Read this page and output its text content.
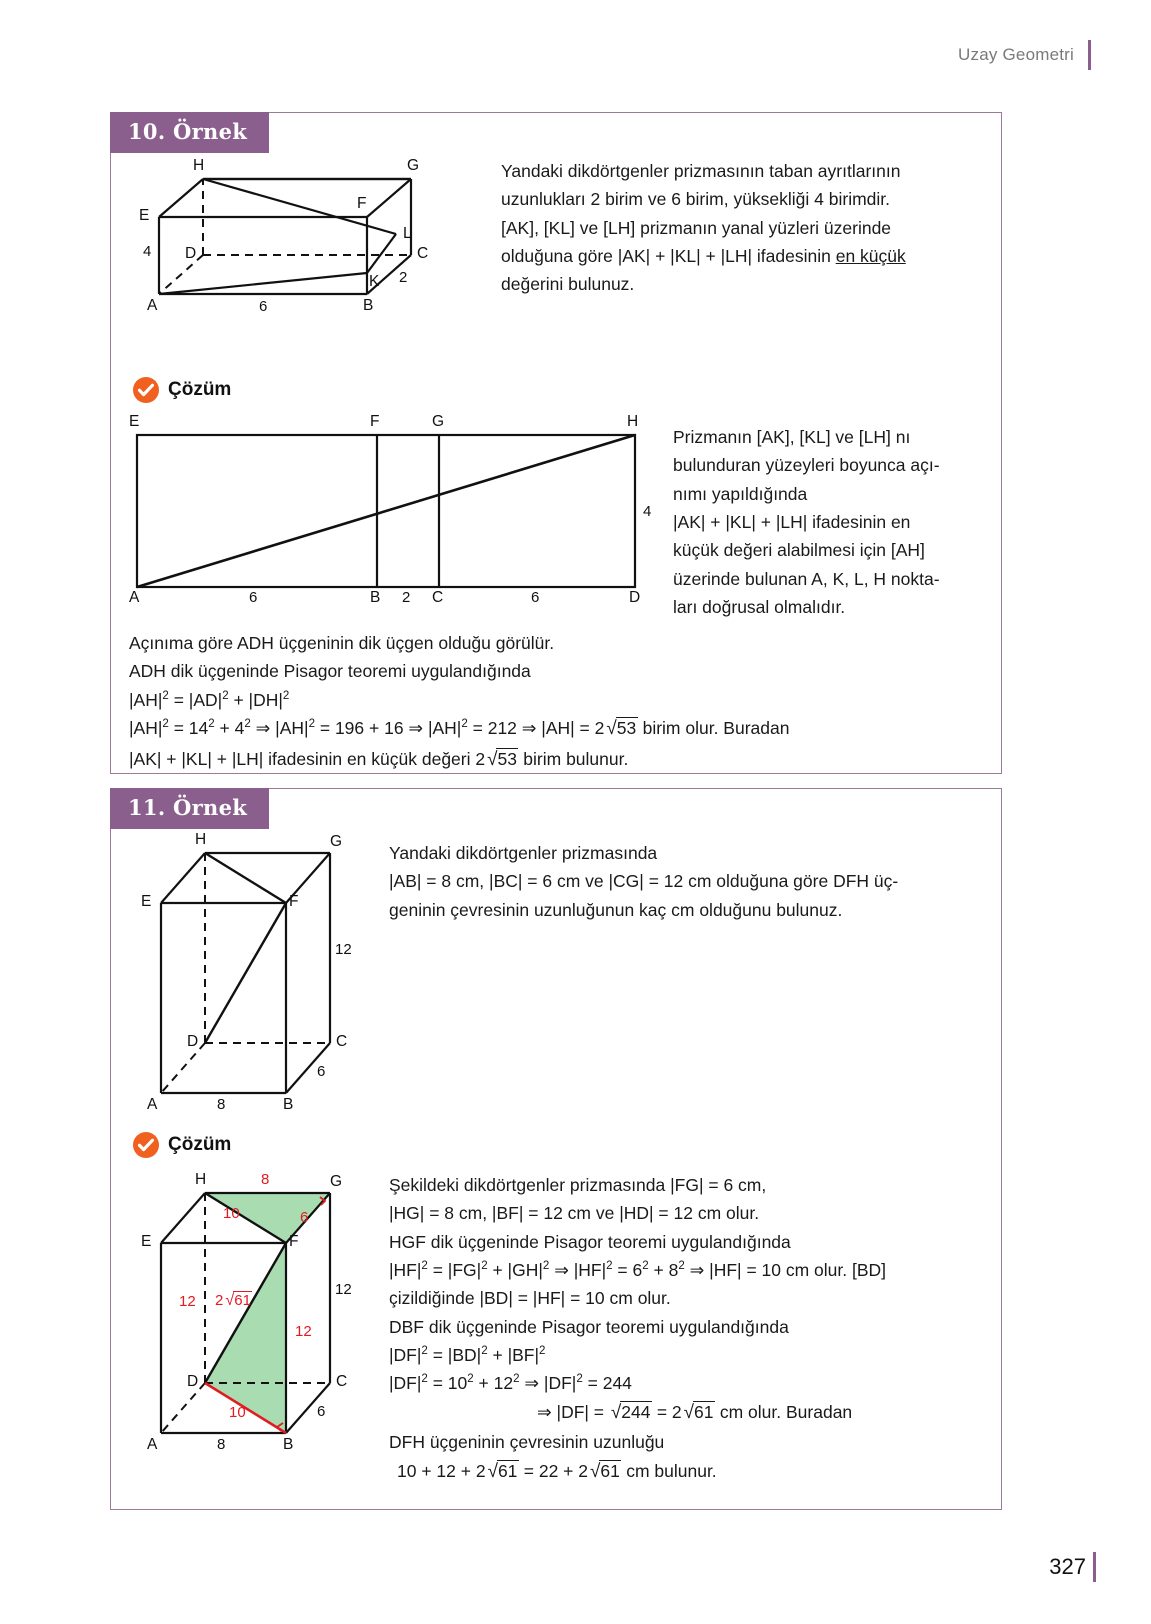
Uzay Geometri
10. Örnek
H	G
E
F
L
D	C
K
A	B
6
2
4
Yandaki dikdörtgenler prizmasının taban ayrıtlarının
uzunlukları 2 birim ve 6 birim, yüksekliği 4 birimdir.
[AK], [KL] ve [LH] prizmanın yanal yüzleri üzerinde
olduğuna göre |AK| + |KL| + |LH| ifadesinin en küçük
değerini bulunuz.
Çözüm
E	F	G	H
A	B	C	D
6	2	6
4
Prizmanın [AK], [KL] ve [LH] nı
bulunduran yüzeyleri boyunca açı-
nımı yapıldığında
|AK| + |KL| + |LH| ifadesinin en
küçük değeri alabilmesi için [AH]
üzerinde bulunan A, K, L, H nokta-
ları doğrusal olmalıdır.
Açınıma göre ADH üçgeninin dik üçgen olduğu görülür.
ADH dik üçgeninde Pisagor teoremi uygulandığında
$|AH|^2 = |AD|^2 + |DH|^2$
$|AH|^2 = 14^2 + 4^2$ ⇒ $|AH|^2 = 196 + 16$ ⇒ $|AH|^2 = 212$ ⇒ |AH| = 2 √53 birim olur. Buradan
|AK| + |KL| + |LH| ifadesinin en küçük değeri 2 √53 birim bulunur.
11. Örnek
H	G
E	F
D	C
A	B
8
6
12
Yandaki dikdörtgenler prizmasında
|AB| = 8 cm, |BC| = 6 cm ve |CG| = 12 cm olduğuna göre DFH üç-
geninin çevresinin uzunluğunun kaç cm olduğunu bulunuz.
Çözüm
H	G
E	F
D	C
A	B
8
10	6
12 2 √61
12
12
6
8
10
Şekildeki dikdörtgenler prizmasında |FG| = 6 cm,
|HG| = 8 cm, |BF| = 12 cm ve |HD| = 12 cm olur.
HGF dik üçgeninde Pisagor teoremi uygulandığında
$|HF|^2 = |FG|^2 + |GH|^2$ ⇒ $|HF|^2 = 6^2 + 8^2$ ⇒ |HF| = 10 cm olur. [BD]
çizildiğinde |BD| = |HF| = 10 cm olur.
DBF dik üçgeninde Pisagor teoremi uygulandığında
$|DF|^2 = |BD|^2 + |BF|^2$
$|DF|^2 = 10^2 + 12^2$ ⇒ $|DF|^2 = 244$
⇒ |DF| = √244 = 2 √61 cm olur. Buradan
DFH üçgeninin çevresinin uzunluğu
10 + 12 + 2 √61 = 22 + 2 √61 cm bulunur.
327
